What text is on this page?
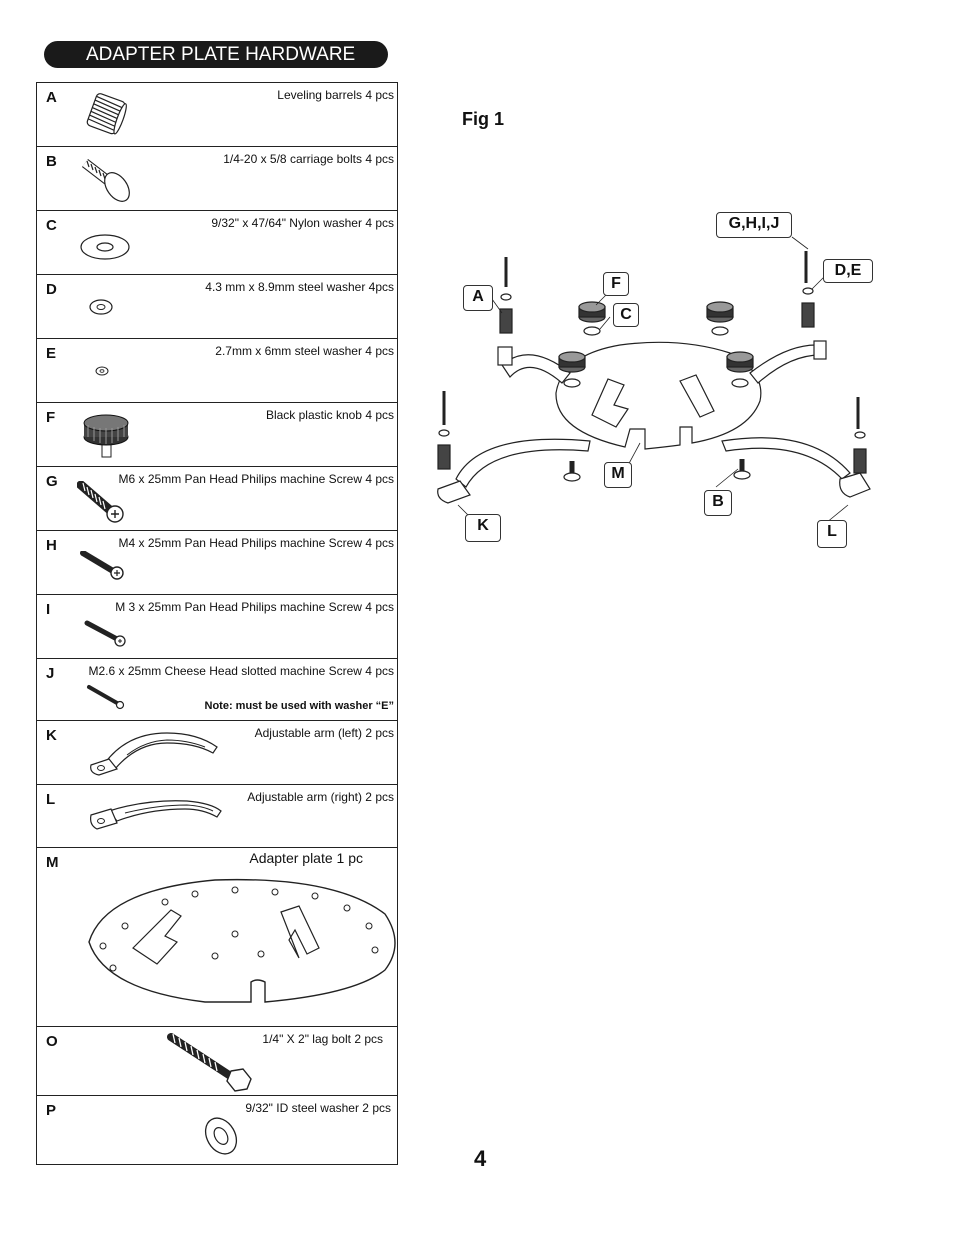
ADAPTER PLATE HARDWARE
A	Leveling barrels 4 pcs
B	1/4-20 x 5/8 carriage bolts 4 pcs
C	9/32" x 47/64" Nylon washer 4 pcs
D	4.3 mm x 8.9mm steel washer 4pcs
E	2.7mm x 6mm steel washer 4 pcs
F	Black plastic knob 4 pcs
G	M6 x 25mm Pan Head Philips machine Screw 4 pcs
H	M4 x 25mm Pan Head Philips machine Screw 4 pcs
I	M 3 x 25mm Pan Head Philips machine Screw 4 pcs
J	M2.6 x 25mm Cheese Head slotted machine Screw 4 pcs
Note: must be used with washer “E”
K	Adjustable arm (left) 2 pcs
L	Adjustable arm (right) 2 pcs
M	Adapter plate 1 pc
O	1/4" X 2" lag bolt 2 pcs
P	9/32" ID steel washer 2 pcs
Fig 1
G,H,I,J
D,E
A
F
C
M
B
K	L
4
